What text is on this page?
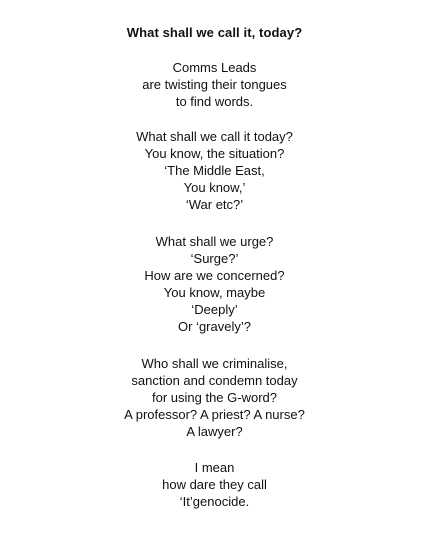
What shall we call it, today?
Comms Leads
are twisting their tongues
to find words.
What shall we call it today?
You know, the situation?
‘The Middle East,
You know,’
‘War etc?’
What shall we urge?
‘Surge?’
How are we concerned?
You know, maybe
‘Deeply’
Or ‘gravely’?
Who shall we criminalise,
sanction and condemn today
for using the G-word?
A professor? A priest? A nurse?
A lawyer?
I mean
how dare they call
‘It’genocide.
